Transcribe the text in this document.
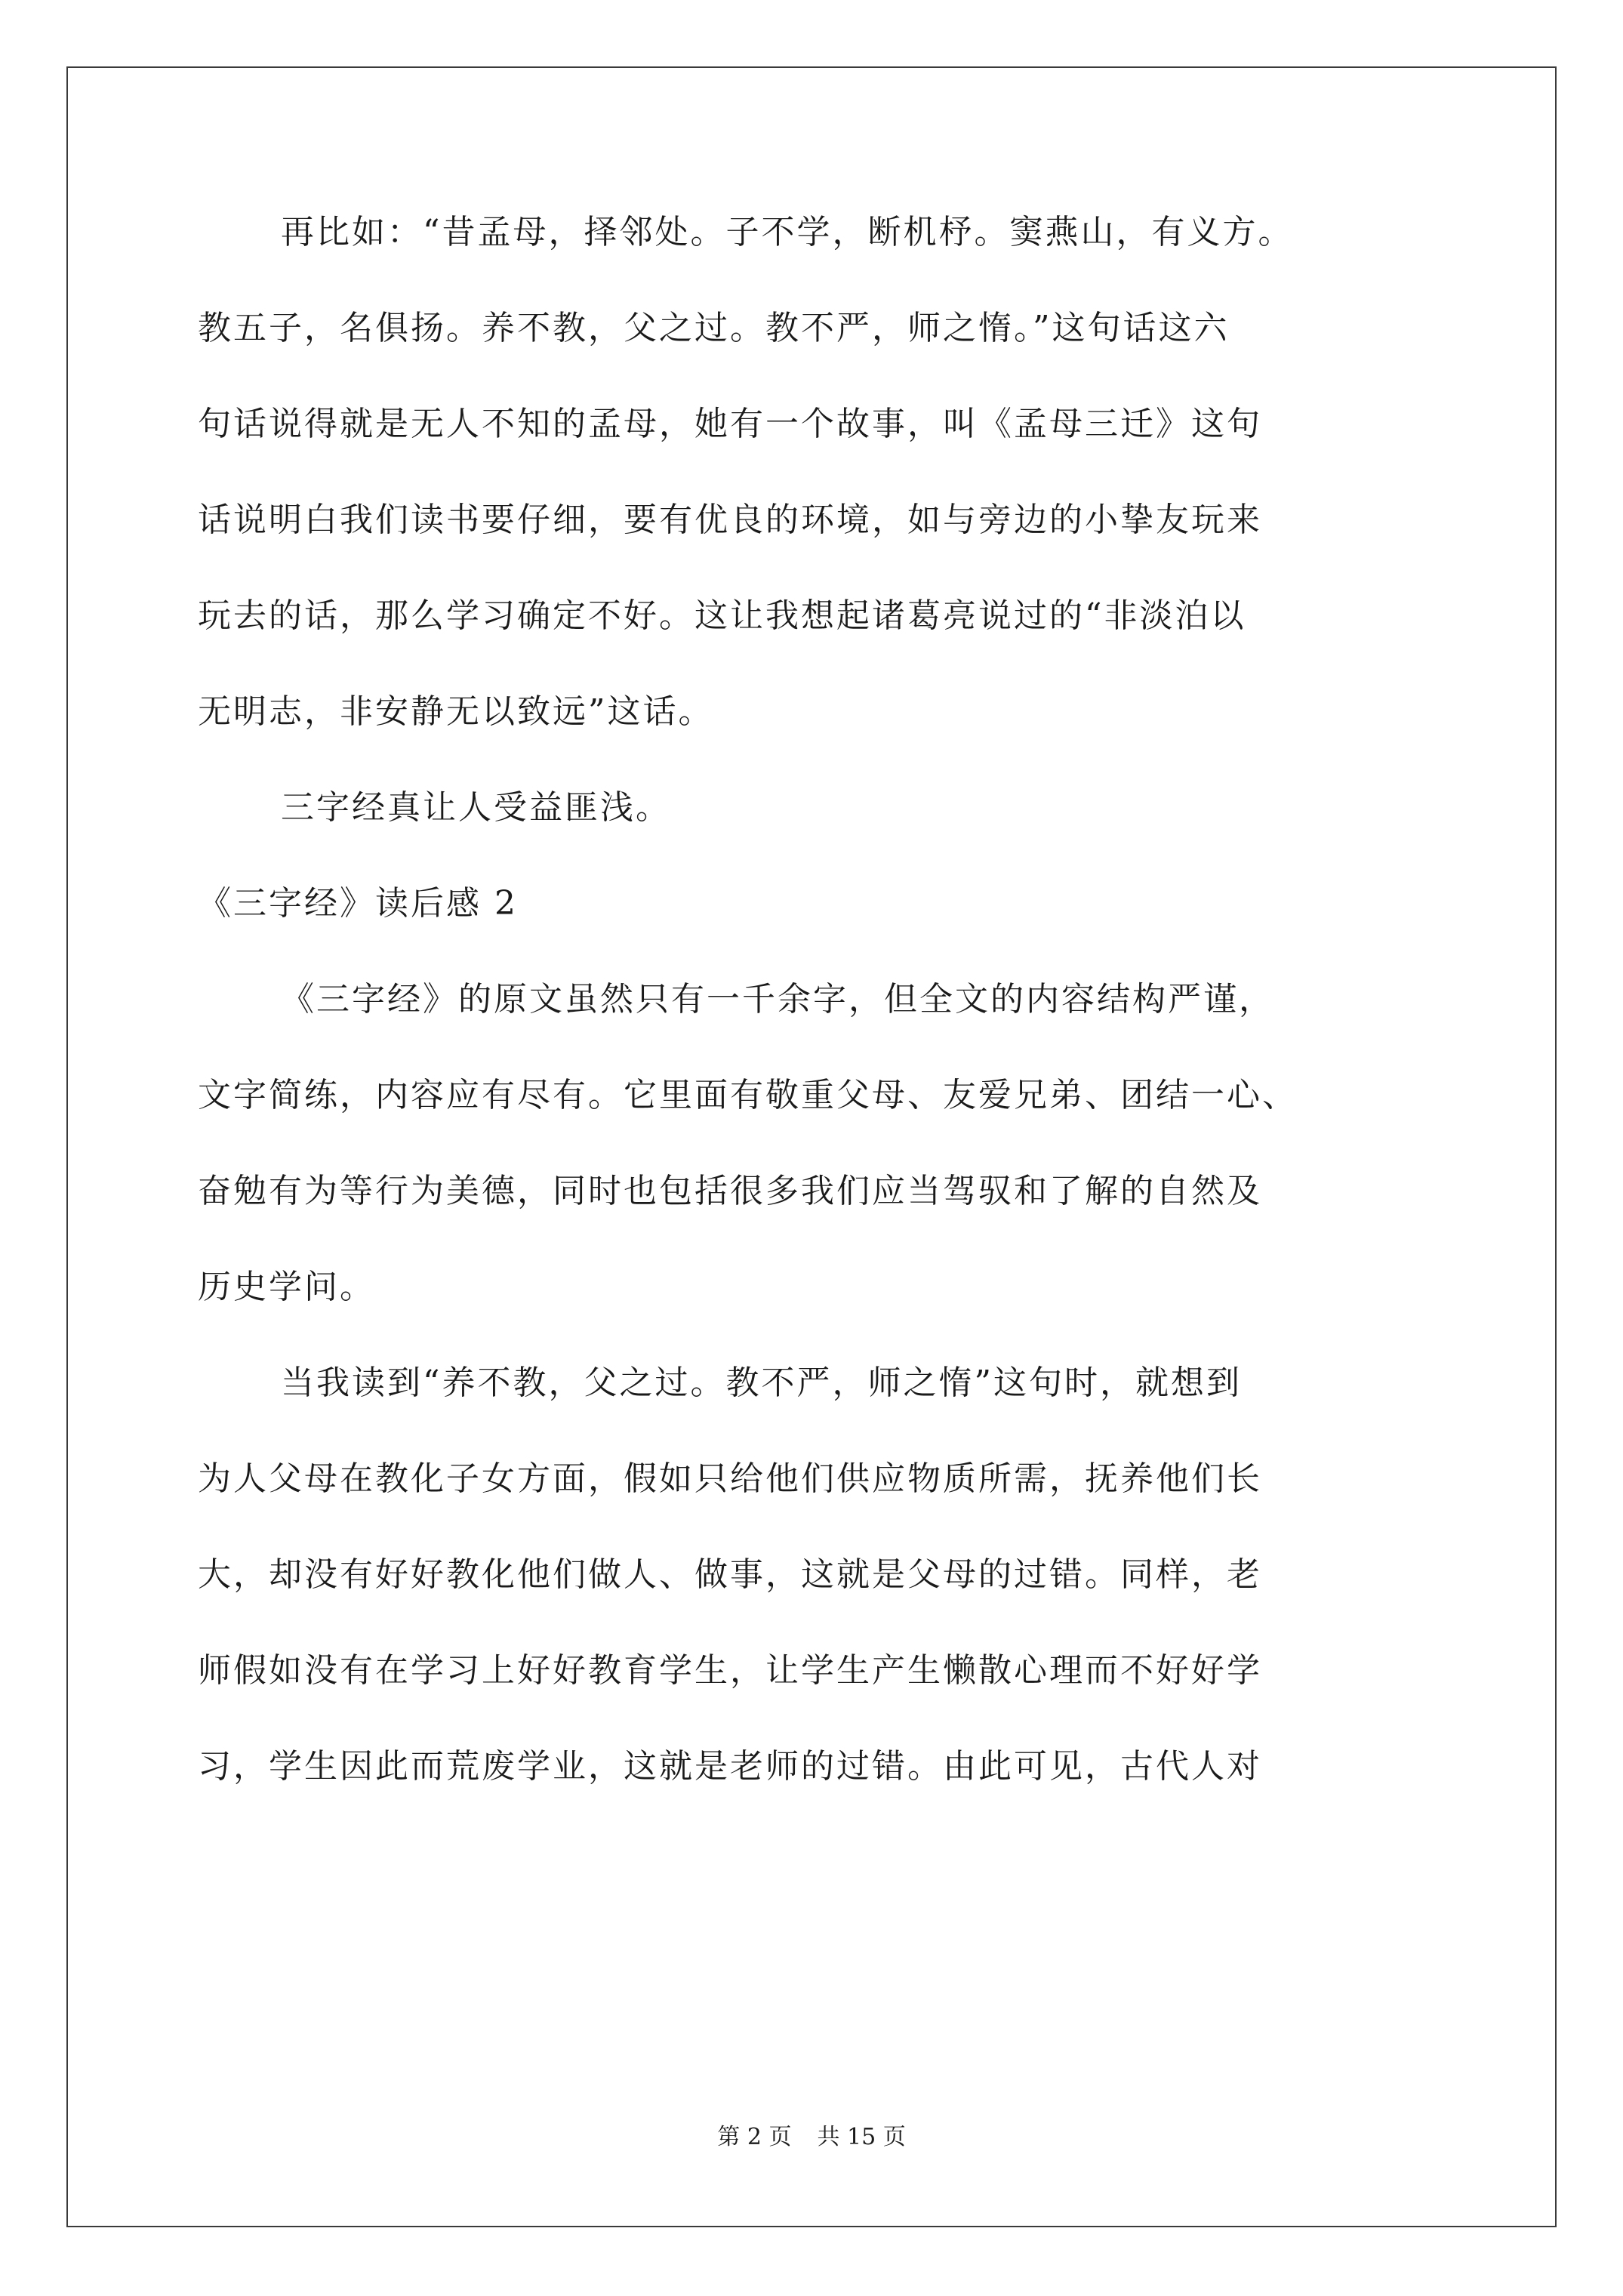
再比如：“昔孟母，择邻处。子不学，断机杼。窦燕山，有义方。
教五子，名俱扬。养不教，父之过。教不严，师之惰。”这句话这六
句话说得就是无人不知的孟母，她有一个故事，叫《孟母三迁》这句
话说明白我们读书要仔细，要有优良的环境，如与旁边的小挚友玩来
玩去的话，那么学习确定不好。这让我想起诸葛亮说过的“非淡泊以
无明志，非安静无以致远”这话。
三字经真让人受益匪浅。
《三字经》读后感 2
《三字经》的原文虽然只有一千余字，但全文的内容结构严谨，
文字简练，内容应有尽有。它里面有敬重父母、友爱兄弟、团结一心、
奋勉有为等行为美德，同时也包括很多我们应当驾驭和了解的自然及
历史学问。
当我读到“养不教，父之过。教不严，师之惰”这句时，就想到
为人父母在教化子女方面，假如只给他们供应物质所需，抚养他们长
大，却没有好好教化他们做人、做事，这就是父母的过错。同样，老
师假如没有在学习上好好教育学生，让学生产生懒散心理而不好好学
习，学生因此而荒废学业，这就是老师的过错。由此可见，古代人对
第 2 页 共 15 页
